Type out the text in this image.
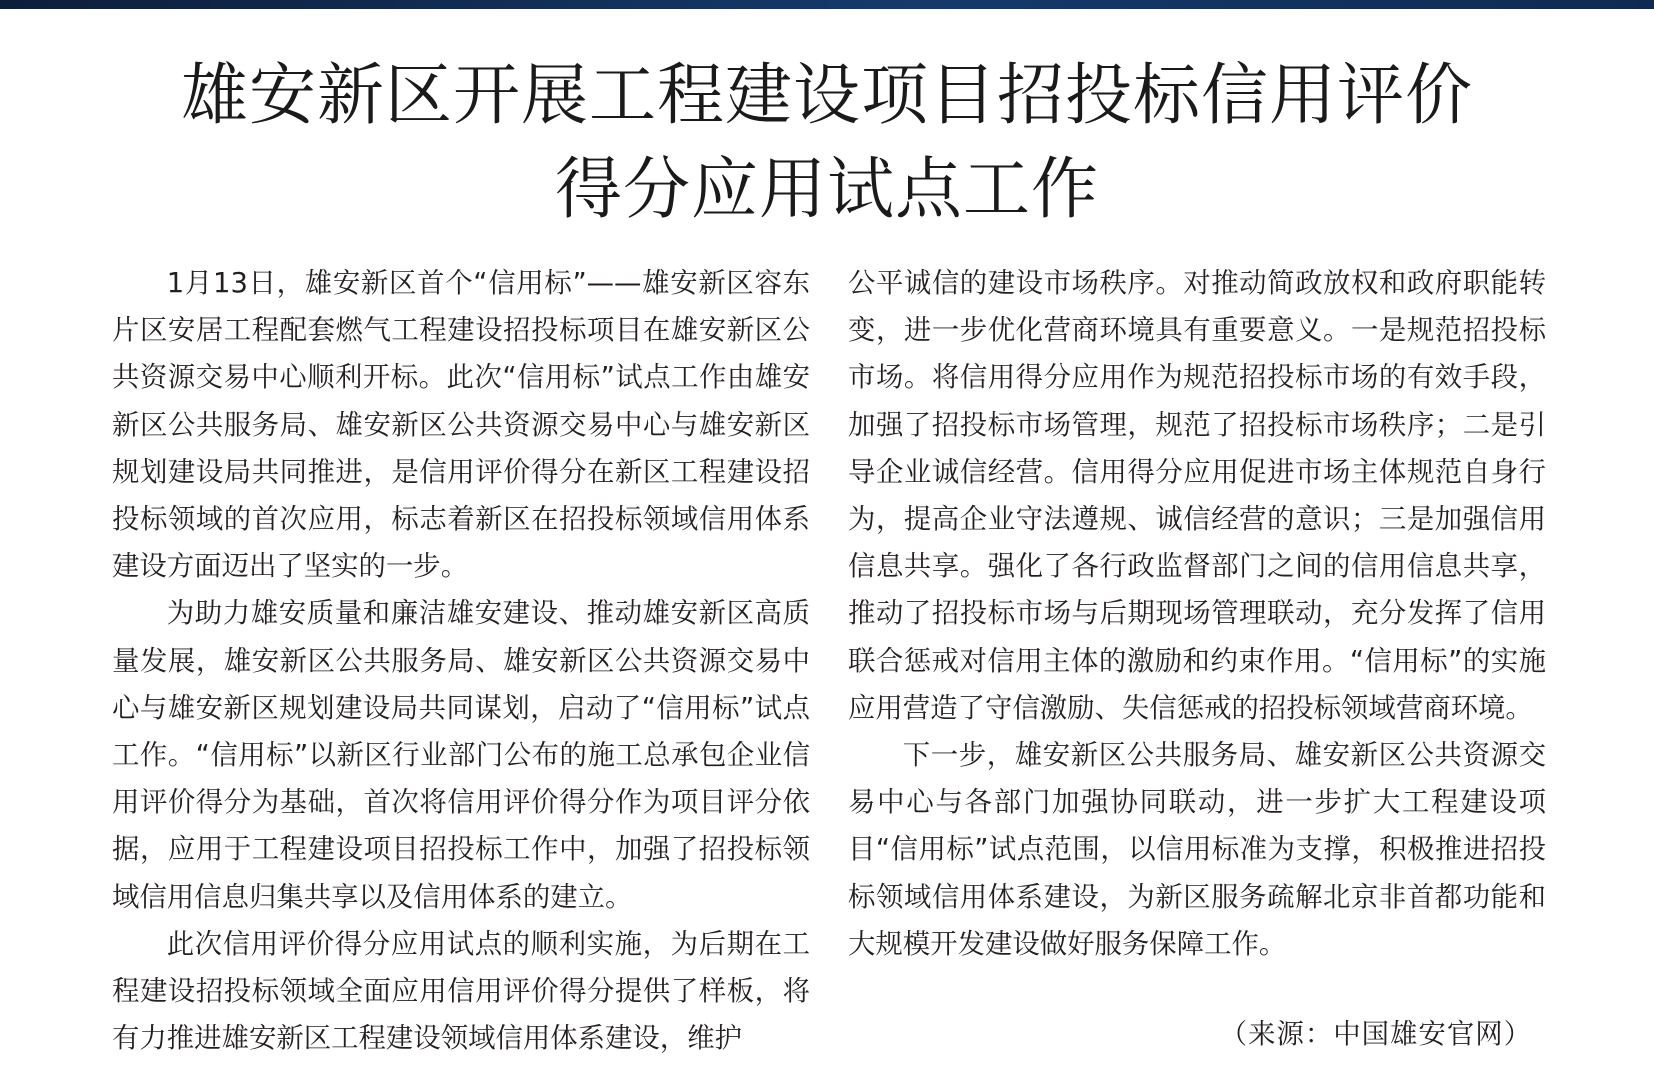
雄安新区开展工程建设项目招投标信用评价
得分应用试点工作

1月13日，雄安新区首个“信用标”——雄安新区容东片区安居工程配套燃气工程建设招投标项目在雄安新区公共资源交易中心顺利开标。此次“信用标”试点工作由雄安新区公共服务局、雄安新区公共资源交易中心与雄安新区规划建设局共同推进，是信用评价得分在新区工程建设招投标领域的首次应用，标志着新区在招投标领域信用体系建设方面迈出了坚实的一步。

为助力雄安质量和廉洁雄安建设、推动雄安新区高质量发展，雄安新区公共服务局、雄安新区公共资源交易中心与雄安新区规划建设局共同谋划，启动了“信用标”试点工作。“信用标”以新区行业部门公布的施工总承包企业信用评价得分为基础，首次将信用评价得分作为项目评分依据，应用于工程建设项目招投标工作中，加强了招投标领域信用信息归集共享以及信用体系的建立。

此次信用评价得分应用试点的顺利实施，为后期在工程建设招投标领域全面应用信用评价得分提供了样板，将有力推进雄安新区工程建设领域信用体系建设，维护

公平诚信的建设市场秩序。对推动简政放权和政府职能转变，进一步优化营商环境具有重要意义。一是规范招投标市场。将信用得分应用作为规范招投标市场的有效手段，加强了招投标市场管理，规范了招投标市场秩序；二是引导企业诚信经营。信用得分应用促进市场主体规范自身行为，提高企业守法遵规、诚信经营的意识；三是加强信用信息共享。强化了各行政监督部门之间的信用信息共享，推动了招投标市场与后期现场管理联动，充分发挥了信用联合惩戒对信用主体的激励和约束作用。“信用标”的实施应用营造了守信激励、失信惩戒的招投标领域营商环境。

下一步，雄安新区公共服务局、雄安新区公共资源交易中心与各部门加强协同联动，进一步扩大工程建设项目“信用标”试点范围，以信用标准为支撑，积极推进招投标领域信用体系建设，为新区服务疏解北京非首都功能和大规模开发建设做好服务保障工作。

（来源：中国雄安官网）
